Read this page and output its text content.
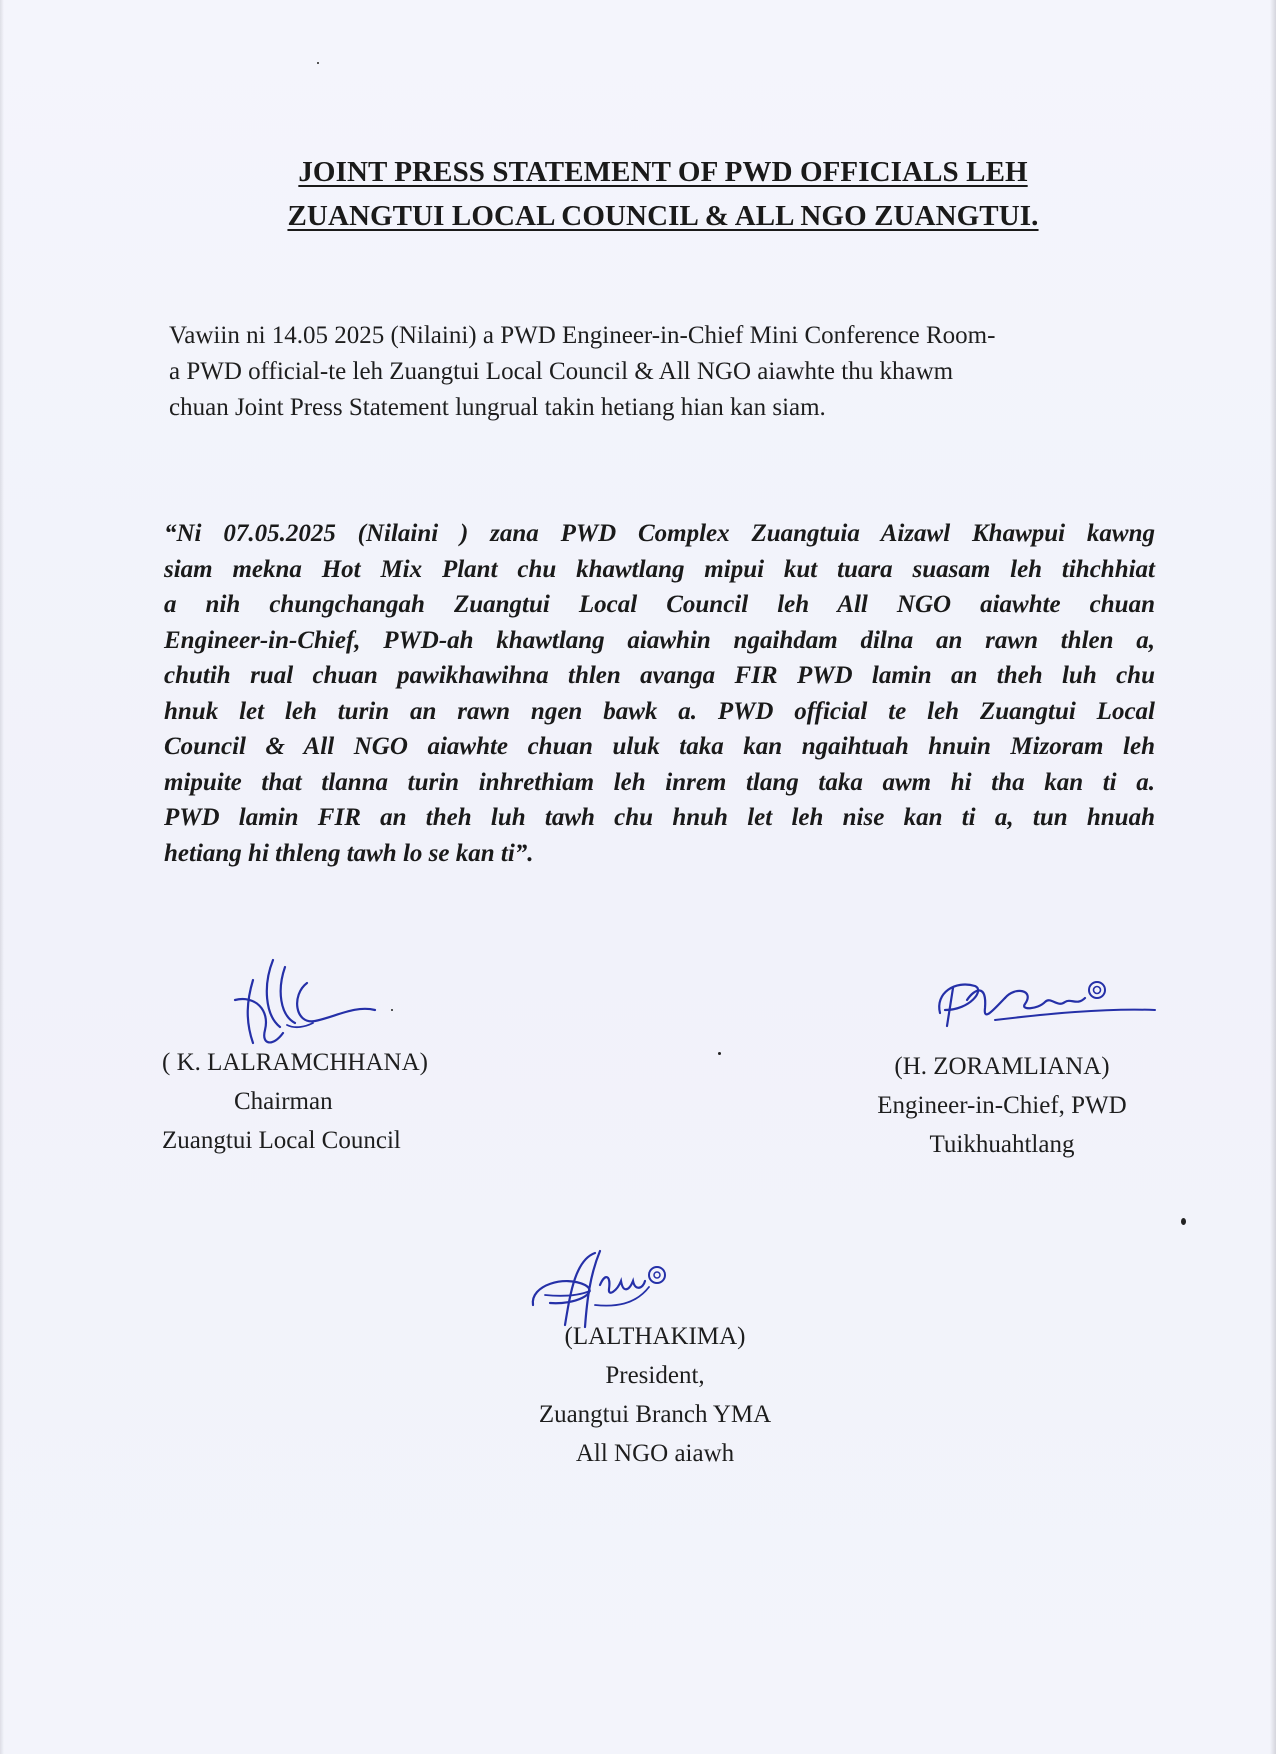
JOINT PRESS STATEMENT OF PWD OFFICIALS LEH
ZUANGTUI LOCAL COUNCIL & ALL NGO ZUANGTUI.
Vawiin ni 14.05 2025 (Nilaini) a PWD Engineer-in-Chief Mini Conference Room-
a PWD official-te leh Zuangtui Local Council & All NGO aiawhte thu khawm
chuan Joint Press Statement lungrual takin hetiang hian kan siam.
“Ni 07.05.2025 (Nilaini ) zana PWD Complex Zuangtuia Aizawl Khawpui kawng
siam mekna Hot Mix Plant chu khawtlang mipui kut tuara suasam leh tihchhiat
a nih chungchangah Zuangtui Local Council leh All NGO aiawhte chuan
Engineer-in-Chief, PWD-ah khawtlang aiawhin ngaihdam dilna an rawn thlen a,
chutih rual chuan pawikhawihna thlen avanga FIR PWD lamin an theh luh chu
hnuk let leh turin an rawn ngen bawk a. PWD official te leh Zuangtui Local
Council & All NGO aiawhte chuan uluk taka kan ngaihtuah hnuin Mizoram leh
mipuite that tlanna turin inhrethiam leh inrem tlang taka awm hi tha kan ti a.
PWD lamin FIR an theh luh tawh chu hnuh let leh nise kan ti a, tun hnuah
hetiang hi thleng tawh lo se kan ti”.
( K. LALRAMCHHANA)
Chairman
Zuangtui Local Council
(H. ZORAMLIANA)
Engineer-in-Chief, PWD
Tuikhuahtlang
(LALTHAKIMA)
President,
Zuangtui Branch YMA
All NGO aiawh
